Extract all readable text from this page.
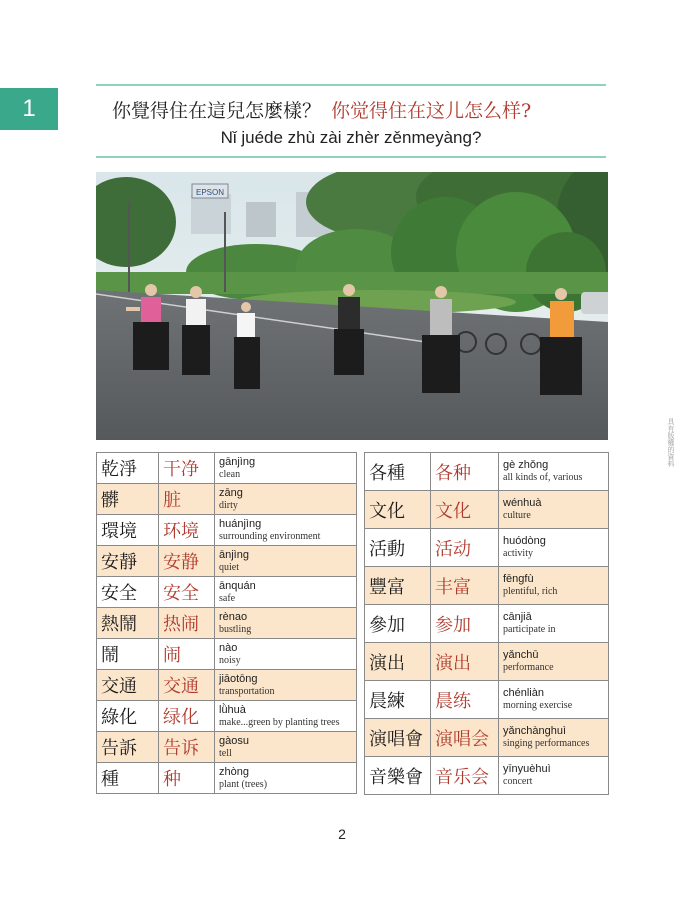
1	你覺得住在這兒怎麼樣？ 你觉得住在这儿怎么样?
Nǐ juéde zhù zài zhèr zěnmeyàng?
EPSON
具有版權的資料
乾淨	干净	gānjìng
clean

髒	脏	zāng
dirty

環境	环境	huánjìng
surrounding environment

安靜	安静	ānjìng
quiet

安全	安全	ānquán
safe

熱鬧	热闹	rènao
bustling

鬧	闹	nào
noisy

交通	交通	jiāotōng
transportation

綠化	绿化	lǜhuà
make...green by planting trees

告訴	告诉	gàosu
tell

種	种	zhòng
plant (trees)
各種	各种	gè zhǒng
all kinds of, various

文化	文化	wénhuà
culture

活動	活动	huódòng
activity

豐富	丰富	fēngfù
plentiful, rich

參加	参加	cānjiā
participate in

演出	演出	yǎnchū
performance

晨練	晨练	chénliàn
morning exercise

演唱會	演唱会	yǎnchànghuì
singing performances

音樂會	音乐会	yīnyuèhuì
concert
2
